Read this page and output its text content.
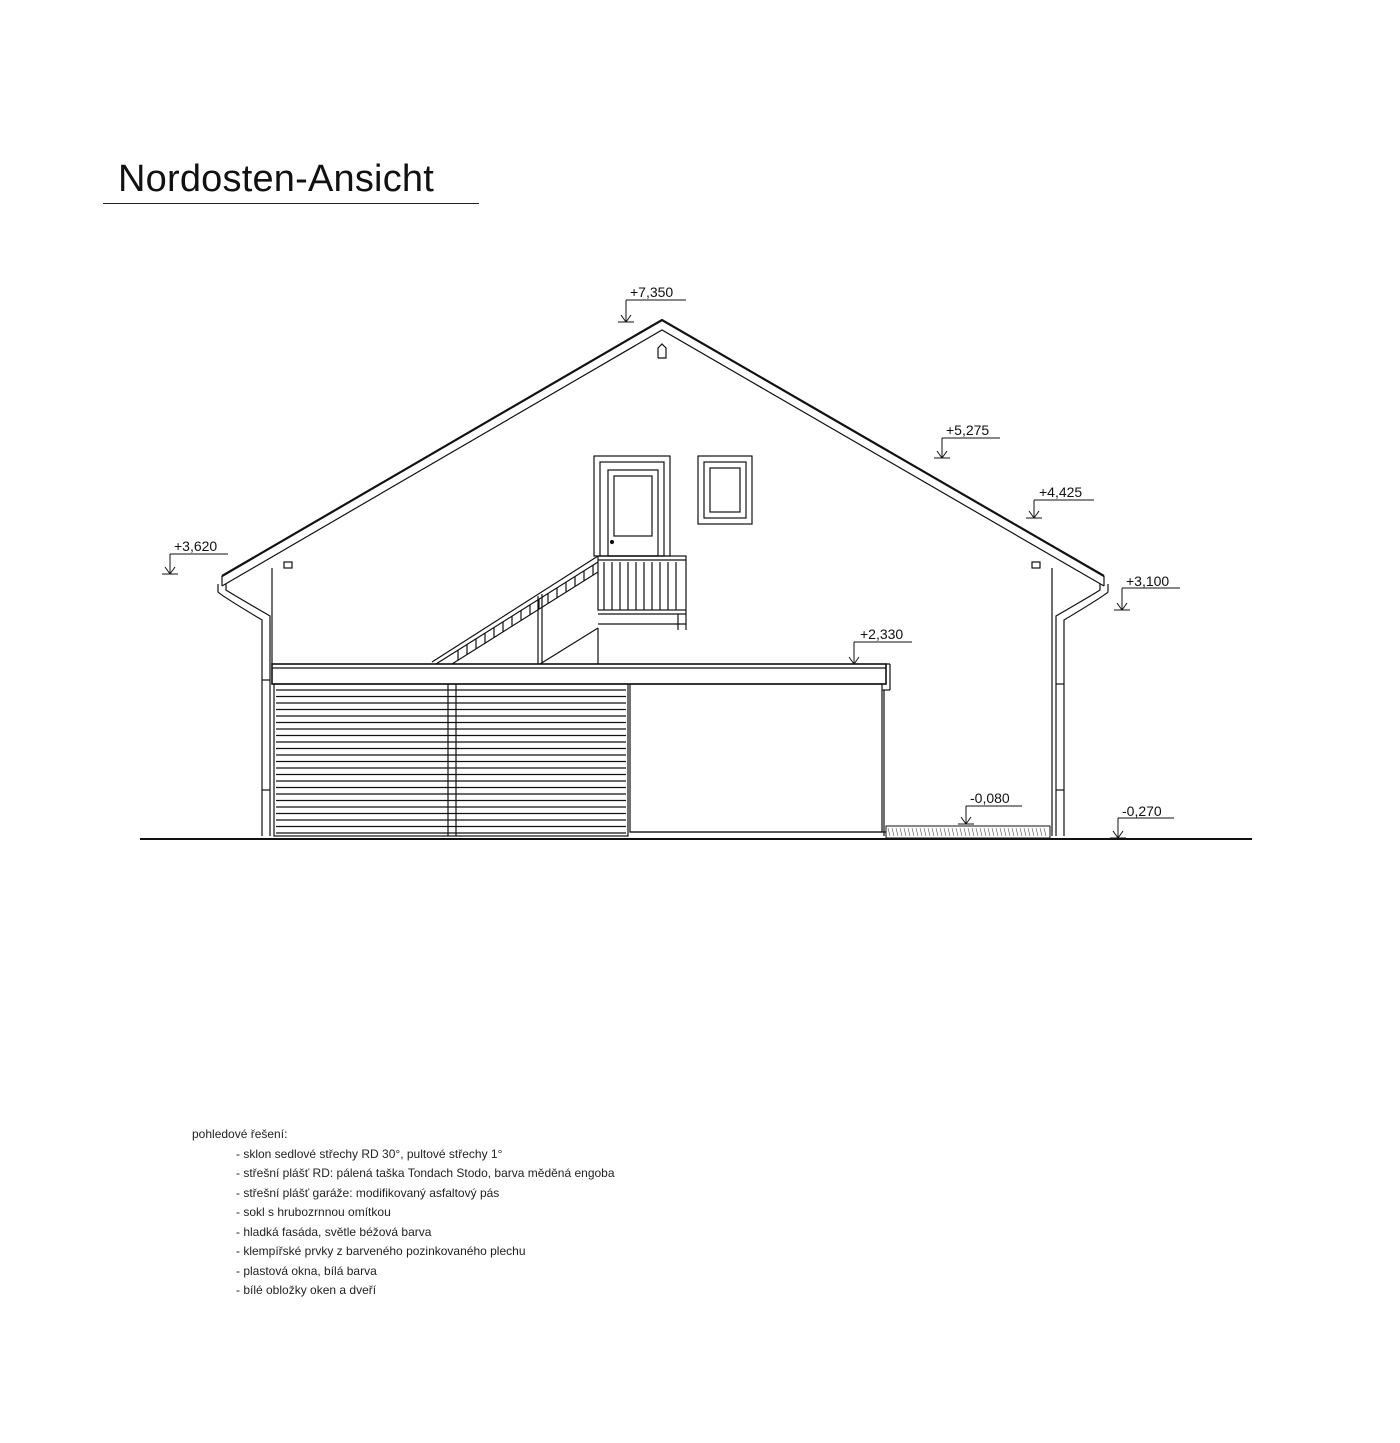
Nordosten-Ansicht
+7,350
+5,275
+4,425
+3,620
+3,100
+2,330
-0,080
-0,270
pohledové řešení:
- sklon sedlové střechy RD 30°, pultové střechy 1°
- střešní plášť RD: pálená taška Tondach Stodo, barva měděná engoba
- střešní plášť garáže: modifikovaný asfaltový pás
- sokl s hrubozrnnou omítkou
- hladká fasáda, světle béžová barva
- klempířské prvky z barveného pozinkovaného plechu
- plastová okna, bílá barva
- bílé obložky oken a dveří
